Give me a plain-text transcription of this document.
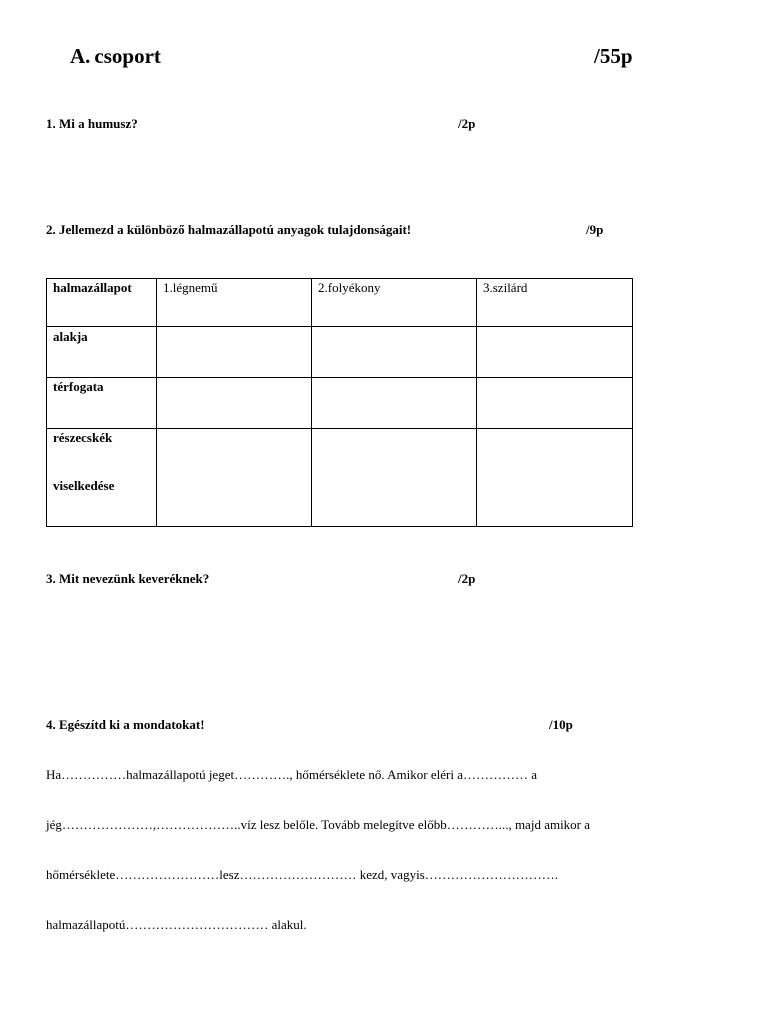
A. csoport	/55p
1. Mi a humusz?	/2p
2. Jellemezd a különböző halmazállapotú anyagok tulajdonságait!	/9p
halmazállapot	1.légnemű	2.folyékony	3.szilárd
alakja			
térfogata			

részecskék
viselkedése			

3. Mit nevezünk keveréknek?	/2p
4. Egészítd ki a mondatokat!	/10p
Ha……………halmazállapotú jeget…………., hőmérséklete nő. Amikor eléri a…………… a
jég…………………,………………..víz lesz belőle. Tovább melegítve előbb…………..., majd amikor a
hőmérséklete……………………lesz……………………… kezd, vagyis………………………….
halmazállapotú…………………………… alakul.
